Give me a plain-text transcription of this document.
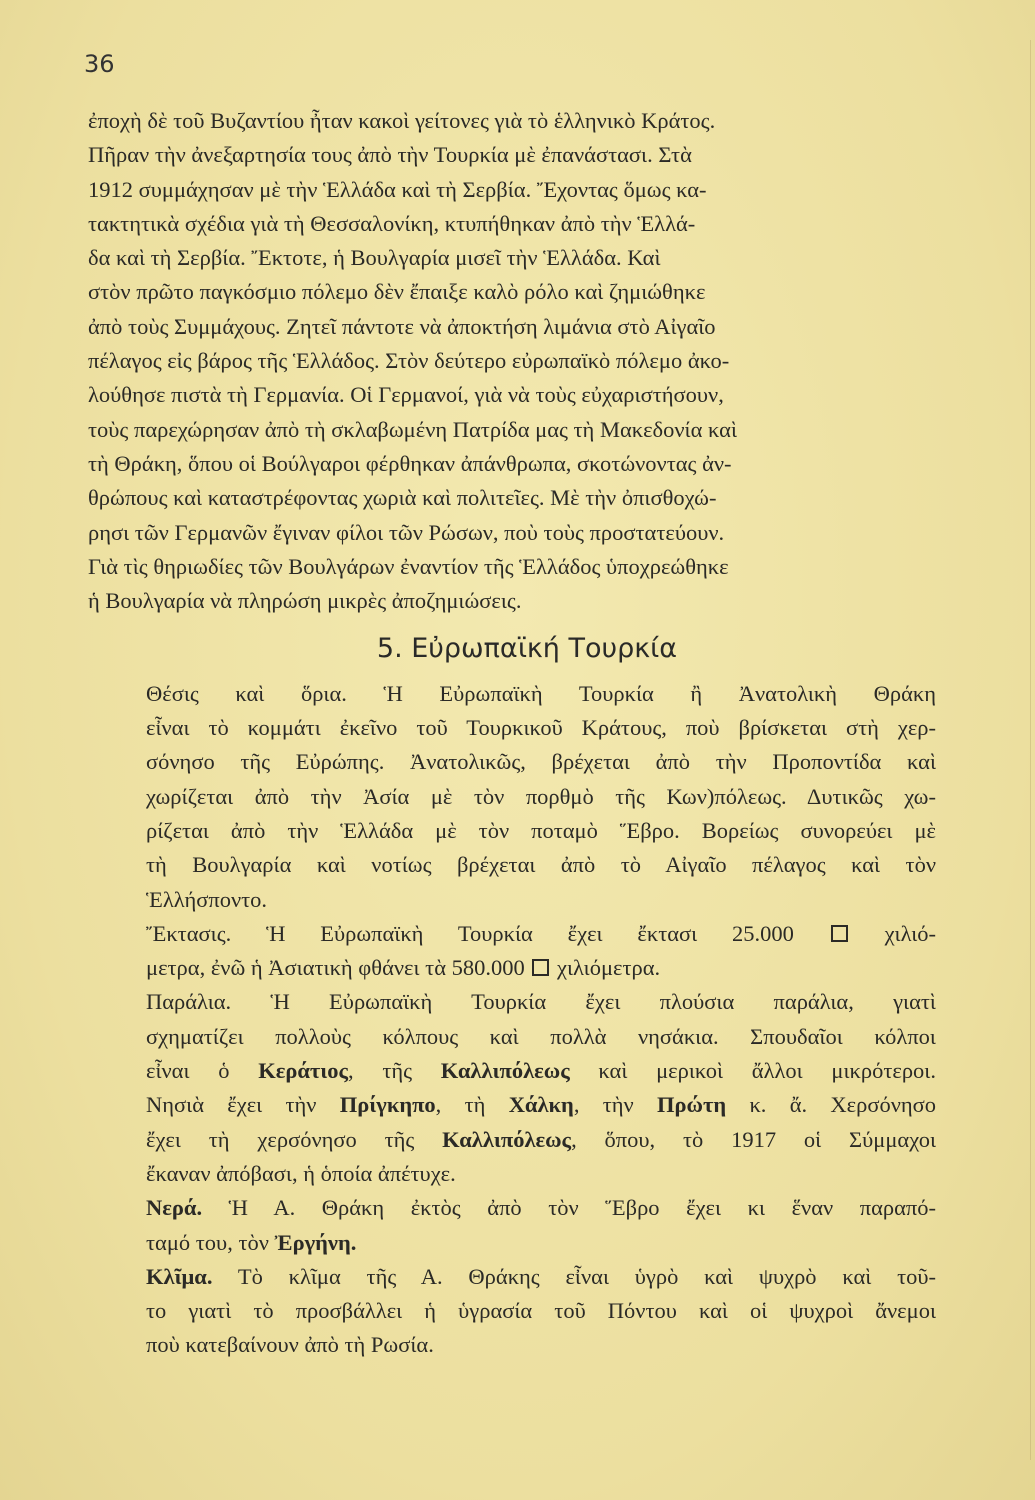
36

ἐποχὴ δὲ τοῦ Βυζαντίου ἦταν κακοὶ γείτονες γιὰ τὸ ἑλληνικὸ Κράτος.
Πῆραν τὴν ἀνεξαρτησία τους ἀπὸ τὴν Τουρκία μὲ ἐπανάστασι. Στὰ
1912 συμμάχησαν μὲ τὴν Ἑλλάδα καὶ τὴ Σερβία. Ἔχοντας ὅμως κα-
τακτητικὰ σχέδια γιὰ τὴ Θεσσαλονίκη, κτυπήθηκαν ἀπὸ τὴν Ἑλλά-
δα καὶ τὴ Σερβία. Ἔκτοτε, ἡ Βουλγαρία μισεῖ τὴν Ἑλλάδα. Καὶ
στὸν πρῶτο παγκόσμιο πόλεμο δὲν ἔπαιξε καλὸ ρόλο καὶ ζημιώθηκε
ἀπὸ τοὺς Συμμάχους. Ζητεῖ πάντοτε νὰ ἀποκτήση λιμάνια στὸ Αἰγαῖο
πέλαγος εἰς βάρος τῆς Ἑλλάδος. Στὸν δεύτερο εὐρωπαϊκὸ πόλεμο ἀκο-
λούθησε πιστὰ τὴ Γερμανία. Οἱ Γερμανοί, γιὰ νὰ τοὺς εὐχαριστήσουν,
τοὺς παρεχώρησαν ἀπὸ τὴ σκλαβωμένη Πατρίδα μας τὴ Μακεδονία καὶ
τὴ Θράκη, ὅπου οἱ Βούλγαροι φέρθηκαν ἀπάνθρωπα, σκοτώνοντας ἀν-
θρώπους καὶ καταστρέφοντας χωριὰ καὶ πολιτεῖες. Μὲ τὴν ὀπισθοχώ-
ρησι τῶν Γερμανῶν ἔγιναν φίλοι τῶν Ρώσων, ποὺ τοὺς προστατεύουν.
Γιὰ τὶς θηριωδίες τῶν Βουλγάρων ἐναντίον τῆς Ἑλλάδος ὑποχρεώθηκε
ἡ Βουλγαρία νὰ πληρώση μικρὲς ἀποζημιώσεις.

5. Εὐρωπαϊκή Τουρκία

Θέσις καὶ ὅρια. Ἡ Εὐρωπαϊκὴ Τουρκία ἢ Ἀνατολικὴ Θράκη
εἶναι τὸ κομμάτι ἐκεῖνο τοῦ Τουρκικοῦ Κράτους, ποὺ βρίσκεται στὴ χερ-
σόνησο τῆς Εὐρώπης. Ἀνατολικῶς, βρέχεται ἀπὸ τὴν Προποντίδα καὶ
χωρίζεται ἀπὸ τὴν Ἀσία μὲ τὸν πορθμὸ τῆς Κων)πόλεως. Δυτικῶς χω-
ρίζεται ἀπὸ τὴν Ἑλλάδα μὲ τὸν ποταμὸ Ἕβρο. Βορείως συνορεύει μὲ
τὴ Βουλγαρία καὶ νοτίως βρέχεται ἀπὸ τὸ Αἰγαῖο πέλαγος καὶ τὸν
Ἑλλήσποντο.

Ἔκτασις. Ἡ Εὐρωπαϊκὴ Τουρκία ἔχει ἔκτασι 25.000	χιλιό-
μετρα, ἐνῶ ἡ Ἀσιατικὴ φθάνει τὰ 580.000 χιλιόμετρα.

Παράλια. Ἡ Εὐρωπαϊκὴ Τουρκία ἔχει πλούσια παράλια, γιατὶ
σχηματίζει πολλοὺς κόλπους καὶ πολλὰ νησάκια. Σπουδαῖοι κόλποι
εἶναι ὁ Κεράτιος, τῆς Καλλιπόλεως καὶ μερικοὶ ἄλλοι μικρότεροι.
Νησιὰ ἔχει τὴν Πρίγκηπο, τὴ Χάλκη, τὴν Πρώτη κ. ἄ. Χερσόνησο
ἔχει τὴ χερσόνησο τῆς Καλλιπόλεως, ὅπου, τὸ 1917 οἱ Σύμμαχοι
ἔκαναν ἀπόβασι, ἡ ὁποία ἀπέτυχε.

Νερά. Ἡ Α. Θράκη ἐκτὸς ἀπὸ τὸν Ἕβρο ἔχει κι ἕναν παραπό-
ταμό του, τὸν Ἐργήνη.

Κλῖμα. Τὸ κλῖμα τῆς Α. Θράκης εἶναι ὑγρὸ καὶ ψυχρὸ καὶ τοῦ-
το γιατὶ τὸ προσβάλλει ἡ ὑγρασία τοῦ Πόντου καὶ οἱ ψυχροὶ ἄνεμοι
ποὺ κατεβαίνουν ἀπὸ τὴ Ρωσία.
